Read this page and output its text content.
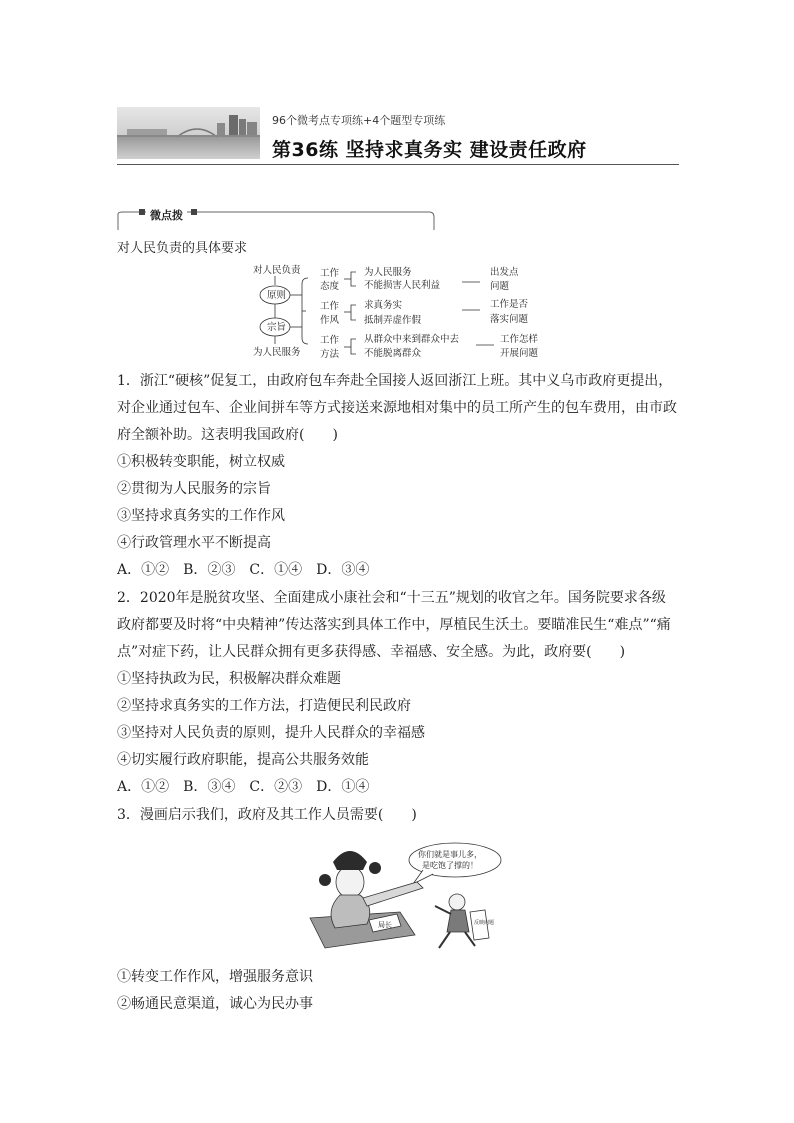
96个微考点专项练+4个题型专项练
第36练 坚持求真务实 建设责任政府
微点拨
对人民负责的具体要求
对人民负责
原则
宗旨
为人民服务
工作
态度
为人民服务
不能损害人民利益
出发点
问题
工作
作风
求真务实
抵制弄虚作假
工作是否
落实问题
工作
方法
从群众中来到群众中去
不能脱离群众
工作怎样
开展问题
1．浙江“硬核”促复工，由政府包车奔赴全国接人返回浙江上班。其中义乌市政府更提出，
对企业通过包车、企业间拼车等方式接送来源地相对集中的员工所产生的包车费用，由市政
府全额补助。这表明我国政府(　　)
①积极转变职能，树立权威
②贯彻为人民服务的宗旨
③坚持求真务实的工作作风
④行政管理水平不断提高
A．①②　B．②③　C．①④　D．③④
2．2020年是脱贫攻坚、全面建成小康社会和“十三五”规划的收官之年。国务院要求各级
政府都要及时将“中央精神”传达落实到具体工作中，厚植民生沃土。要瞄准民生“难点”“痛
点”对症下药，让人民群众拥有更多获得感、幸福感、安全感。为此，政府要(　　)
①坚持执政为民，积极解决群众难题
②坚持求真务实的工作方法，打造便民利民政府
③坚持对人民负责的原则，提升人民群众的幸福感
④切实履行政府职能，提高公共服务效能
A．①②　B．③④　C．②③　D．①④
3．漫画启示我们，政府及其工作人员需要(　　)
你们就是事儿多，
是吃饱了撑的！
局长	反映问题
①转变工作作风，增强服务意识
②畅通民意渠道，诚心为民办事
